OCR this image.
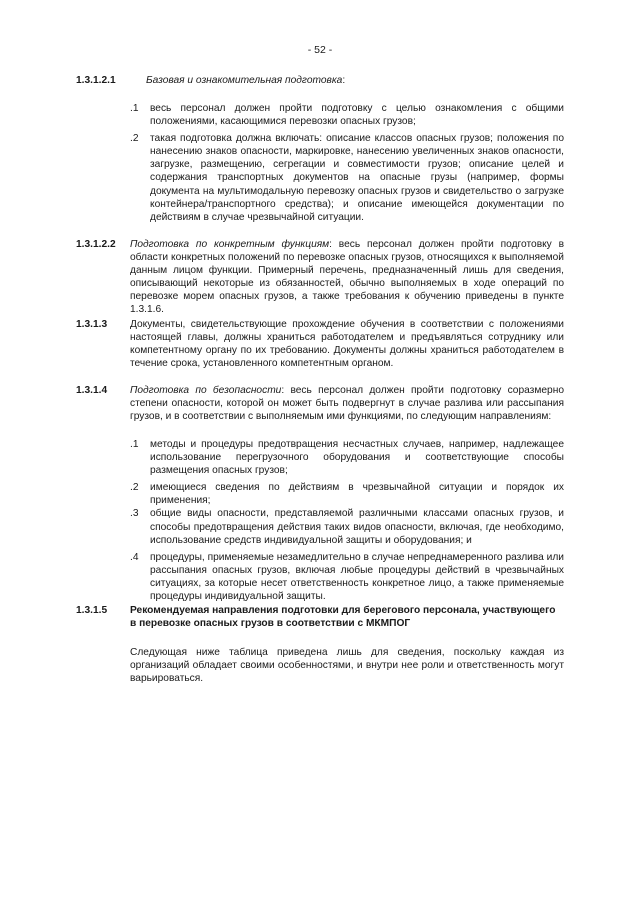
- 52 -
1.3.1.2.1	Базовая и ознакомительная подготовка:
.1 весь персонал должен пройти подготовку с целью ознакомления с общими положениями, касающимися перевозки опасных грузов;
.2 такая подготовка должна включать: описание классов опасных грузов; положения по нанесению знаков опасности, маркировке, нанесению увеличенных знаков опасности, загрузке, размещению, сегрегации и совместимости грузов; описание целей и содержания транспортных документов на опасные грузы (например, формы документа на мультимодальную перевозку опасных грузов и свидетельство о загрузке контейнера/транспортного средства); и описание имеющейся документации по действиям в случае чрезвычайной ситуации.
1.3.1.2.2 Подготовка по конкретным функциям: весь персонал должен пройти подготовку в области конкретных положений по перевозке опасных грузов, относящихся к выполняемой данным лицом функции. Примерный перечень, предназначенный лишь для сведения, описывающий некоторые из обязанностей, обычно выполняемых в ходе операций по перевозке морем опасных грузов, а также требования к обучению приведены в пункте 1.3.1.6.
1.3.1.3 Документы, свидетельствующие прохождение обучения в соответствии с положениями настоящей главы, должны храниться работодателем и предъявляться сотруднику или компетентному органу по их требованию. Документы должны храниться работодателем в течение срока, установленного компетентным органом.
1.3.1.4 Подготовка по безопасности: весь персонал должен пройти подготовку соразмерно степени опасности, которой он может быть подвергнут в случае разлива или рассыпания грузов, и в соответствии с выполняемым ими функциями, по следующим направлениям:
.1 методы и процедуры предотвращения несчастных случаев, например, надлежащее использование перегрузочного оборудования и соответствующие способы размещения опасных грузов;
.2 имеющиеся сведения по действиям в чрезвычайной ситуации и порядок их применения;
.3 общие виды опасности, представляемой различными классами опасных грузов, и способы предотвращения действия таких видов опасности, включая, где необходимо, использование средств индивидуальной защиты и оборудования; и
.4 процедуры, применяемые незамедлительно в случае непреднамеренного разлива или рассыпания опасных грузов, включая любые процедуры действий в чрезвычайных ситуациях, за которые несет ответственность конкретное лицо, а также применяемые процедуры индивидуальной защиты.
1.3.1.5 Рекомендуемая направления подготовки для берегового персонала, участвующего в перевозке опасных грузов в соответствии с МКМПОГ
Следующая ниже таблица приведена лишь для сведения, поскольку каждая из организаций обладает своими особенностями, и внутри нее роли и ответственность могут варьироваться.
